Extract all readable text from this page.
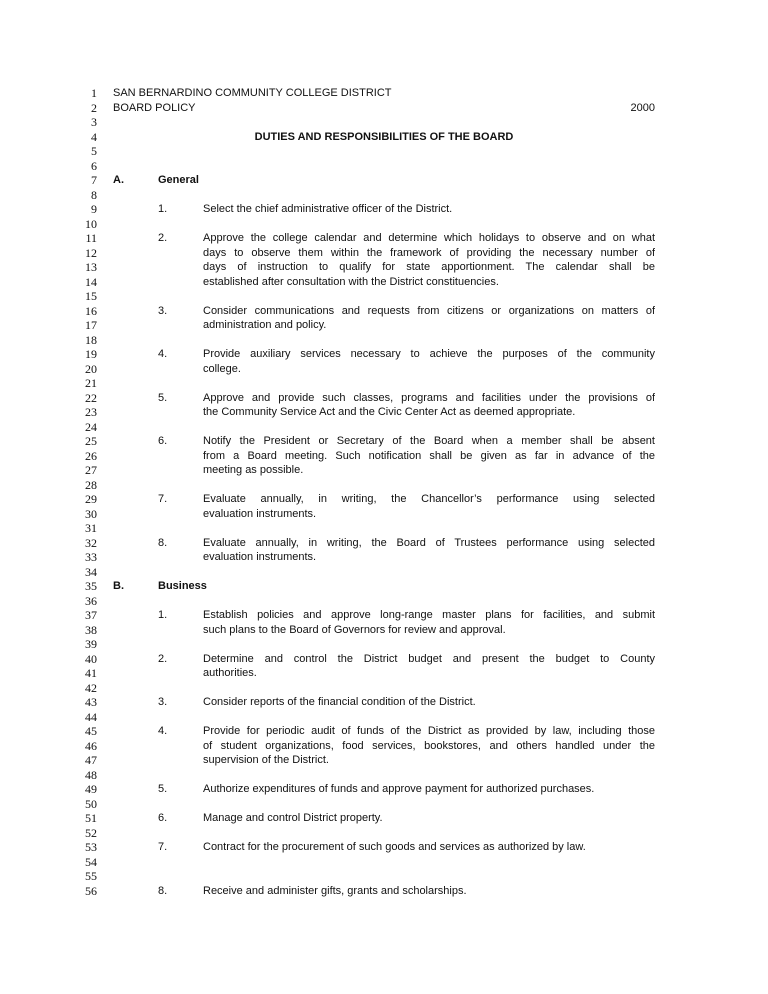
1 SAN BERNARDINO COMMUNITY COLLEGE DISTRICT
2 BOARD POLICY	2000
3
4	DUTIES AND RESPONSIBILITIES OF THE BOARD
5
6
7 A.	General
8
9	1.	Select the chief administrative officer of the District.
10
11	2.	Approve the college calendar and determine which holidays to observe and on what
12	days to observe them within the framework of providing the necessary number of
13	days of instruction to qualify for state apportionment. The calendar shall be
14	established after consultation with the District constituencies.
15
16	3.	Consider communications and requests from citizens or organizations on matters of
17	administration and policy.
18
19	4.	Provide auxiliary services necessary to achieve the purposes of the community
20	college.
21
22	5.	Approve and provide such classes, programs and facilities under the provisions of
23	the Community Service Act and the Civic Center Act as deemed appropriate.
24
25	6.	Notify the President or Secretary of the Board when a member shall be absent
26	from a Board meeting. Such notification shall be given as far in advance of the
27	meeting as possible.
28
29	7.	Evaluate annually, in writing, the Chancellor’s performance using selected
30	evaluation instruments.
31
32	8.	Evaluate annually, in writing, the Board of Trustees performance using selected
33	evaluation instruments.
34
35 B.	Business
36
37	1.	Establish policies and approve long-range master plans for facilities, and submit
38	such plans to the Board of Governors for review and approval.
39
40	2.	Determine and control the District budget and present the budget to County
41	authorities.
42
43	3.	Consider reports of the financial condition of the District.
44
45	4.	Provide for periodic audit of funds of the District as provided by law, including those
46	of student organizations, food services, bookstores, and others handled under the
47	supervision of the District.
48
49	5.	Authorize expenditures of funds and approve payment for authorized purchases.
50
51	6.	Manage and control District property.
52
53	7.	Contract for the procurement of such goods and services as authorized by law.
54
55
56	8.	Receive and administer gifts, grants and scholarships.
